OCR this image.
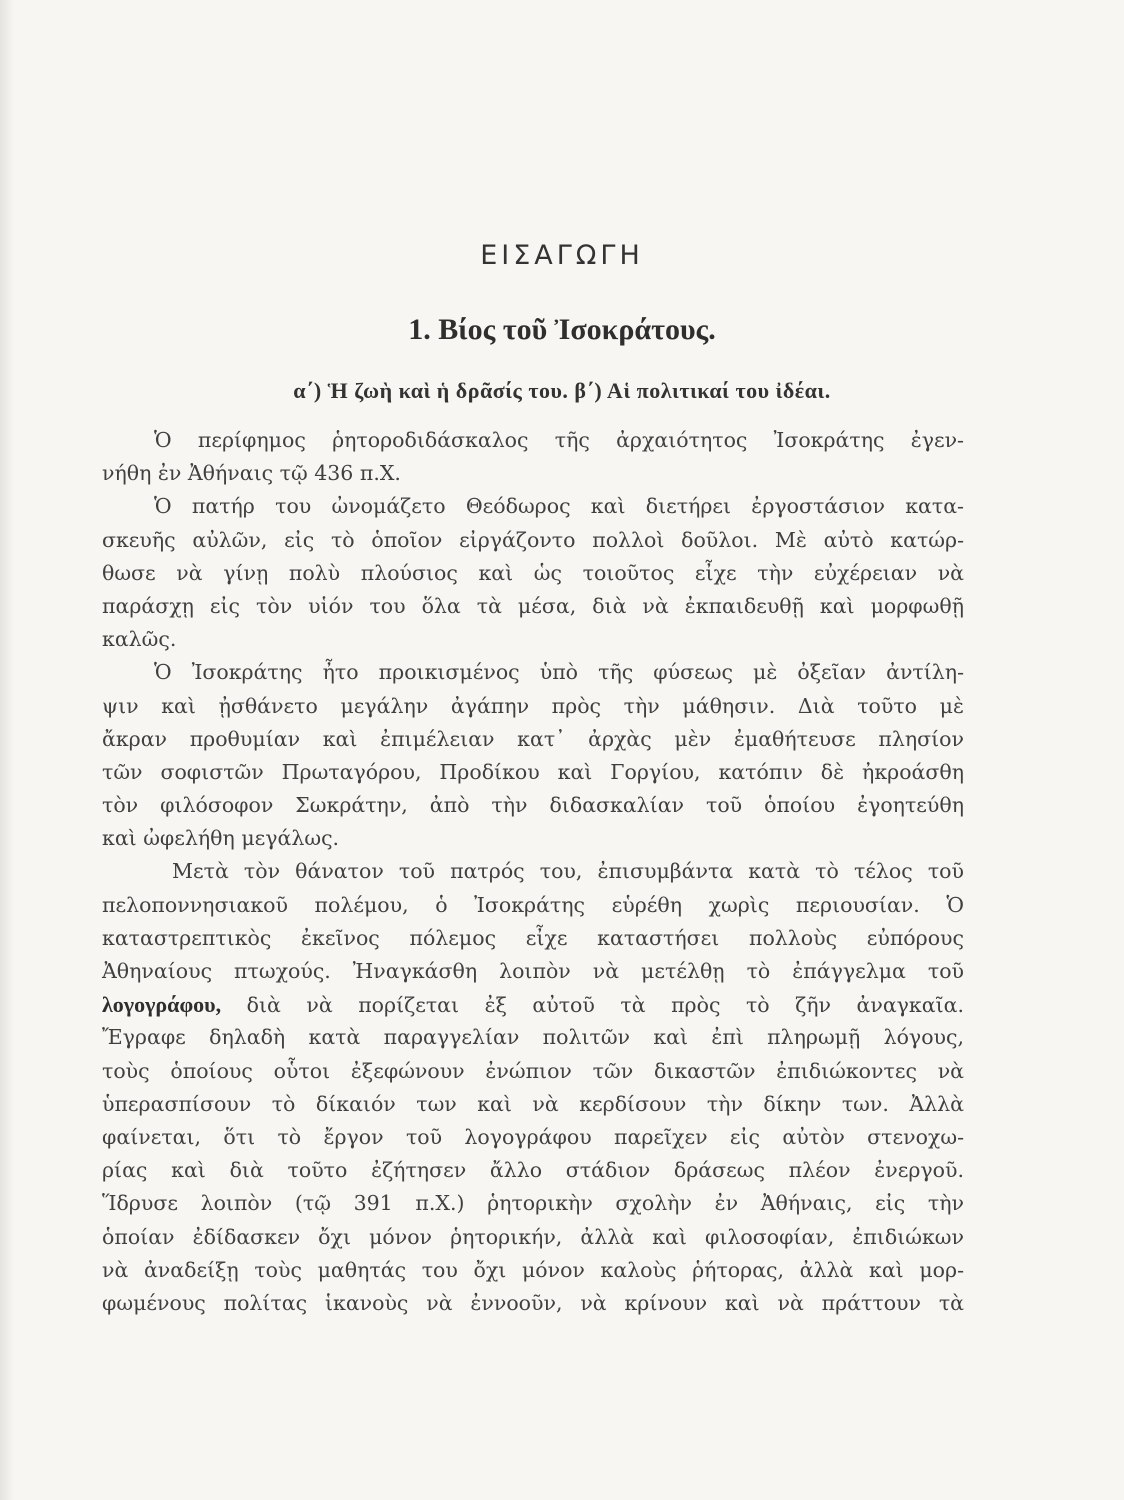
ΕΙΣΑΓΩΓΗ
1. Βίος τοῦ Ἰσοκράτους.
α΄) Ἡ ζωὴ καὶ ἡ δρᾶσίς του. β΄) Αἱ πολιτικαί του ἰδέαι.
Ὁ περίφημος ῥητοροδιδάσκαλος τῆς ἀρχαιότητος Ἰσοκράτης ἐγεν-
νήθη ἐν Ἀθήναις τῷ 436 π.Χ.
Ὁ πατήρ του ὠνομάζετο Θεόδωρος καὶ διετήρει ἐργοστάσιον κατα-
σκευῆς αὐλῶν, εἰς τὸ ὁποῖον εἰργάζοντο πολλοὶ δοῦλοι. Μὲ αὐτὸ κατώρ-
θωσε νὰ γίνῃ πολὺ πλούσιος καὶ ὡς τοιοῦτος εἶχε τὴν εὐχέρειαν νὰ
παράσχῃ εἰς τὸν υἱόν του ὅλα τὰ μέσα, διὰ νὰ ἐκπαιδευθῇ καὶ μορφωθῇ
καλῶς.
Ὁ Ἰσοκράτης ἦτο προικισμένος ὑπὸ τῆς φύσεως μὲ ὀξεῖαν ἀντίλη-
ψιν καὶ ᾐσθάνετο μεγάλην ἀγάπην πρὸς τὴν μάθησιν. Διὰ τοῦτο μὲ
ἄκραν προθυμίαν καὶ ἐπιμέλειαν κατ᾽ ἀρχὰς μὲν ἐμαθήτευσε πλησίον
τῶν σοφιστῶν Πρωταγόρου, Προδίκου καὶ Γοργίου, κατόπιν δὲ ἠκροάσθη
τὸν φιλόσοφον Σωκράτην, ἀπὸ τὴν διδασκαλίαν τοῦ ὁποίου ἐγοητεύθη
καὶ ὠφελήθη μεγάλως.
Μετὰ τὸν θάνατον τοῦ πατρός του, ἐπισυμβάντα κατὰ τὸ τέλος τοῦ
πελοποννησιακοῦ πολέμου, ὁ Ἰσοκράτης εὑρέθη χωρὶς περιουσίαν. Ὁ
καταστρεπτικὸς ἐκεῖνος πόλεμος εἶχε καταστήσει πολλοὺς εὐπόρους
Ἀθηναίους πτωχούς. Ἠναγκάσθη λοιπὸν νὰ μετέλθῃ τὸ ἐπάγγελμα τοῦ
λογογράφου, διὰ νὰ πορίζεται ἐξ αὐτοῦ τὰ πρὸς τὸ ζῆν ἀναγκαῖα.
Ἔγραφε δηλαδὴ κατὰ παραγγελίαν πολιτῶν καὶ ἐπὶ πληρωμῇ λόγους,
τοὺς ὁποίους οὗτοι ἐξεφώνουν ἐνώπιον τῶν δικαστῶν ἐπιδιώκοντες νὰ
ὑπερασπίσουν τὸ δίκαιόν των καὶ νὰ κερδίσουν τὴν δίκην των. Ἀλλὰ
φαίνεται, ὅτι τὸ ἔργον τοῦ λογογράφου παρεῖχεν εἰς αὐτὸν στενοχω-
ρίας καὶ διὰ τοῦτο ἐζήτησεν ἄλλο στάδιον δράσεως πλέον ἐνεργοῦ.
Ἵδρυσε λοιπὸν (τῷ 391 π.Χ.) ῥητορικὴν σχολὴν ἐν Ἀθήναις, εἰς τὴν
ὁποίαν ἐδίδασκεν ὄχι μόνον ῥητορικήν, ἀλλὰ καὶ φιλοσοφίαν, ἐπιδιώκων
νὰ ἀναδείξῃ τοὺς μαθητάς του ὄχι μόνον καλοὺς ῥήτορας, ἀλλὰ καὶ μορ-
φωμένους πολίτας ἱκανοὺς νὰ ἐννοοῦν, νὰ κρίνουν καὶ νὰ πράττουν τὰ
